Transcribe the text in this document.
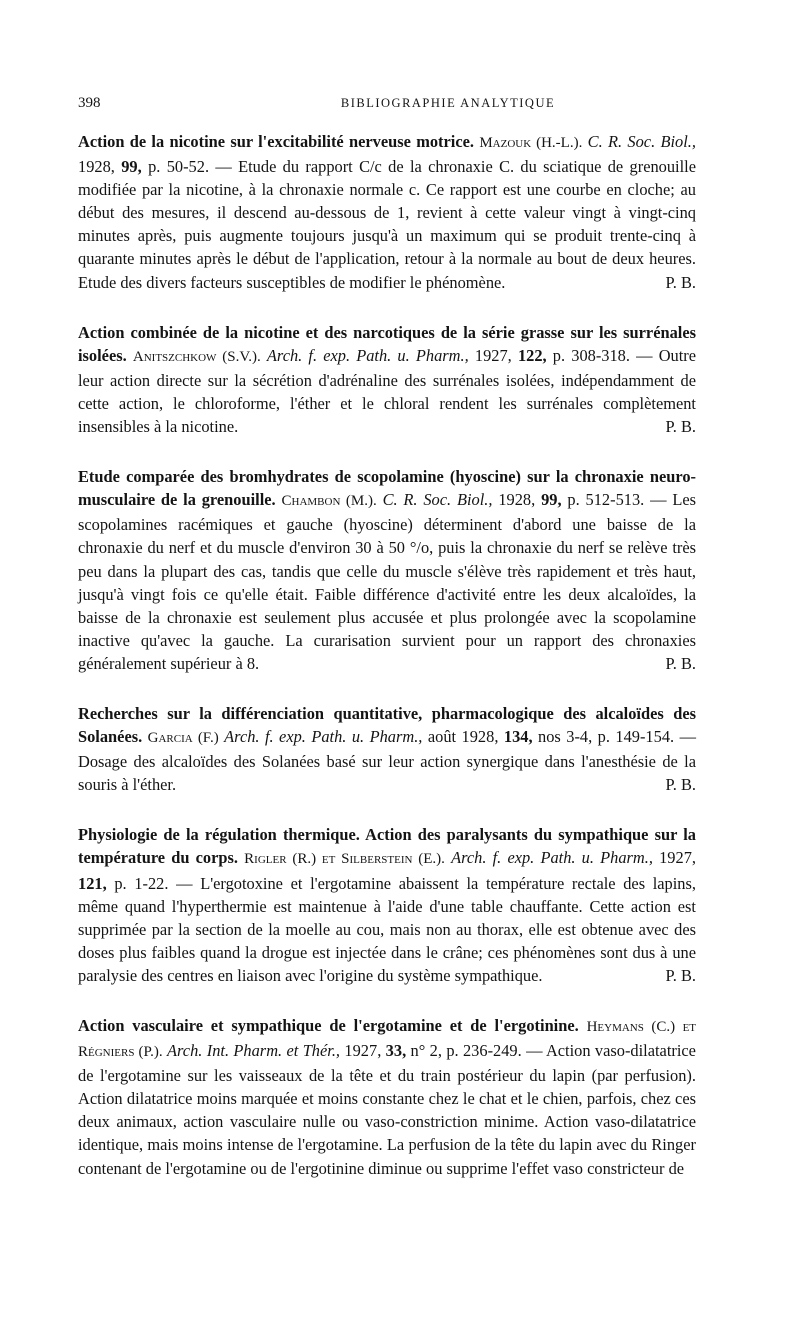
398	BIBLIOGRAPHIE ANALYTIQUE

Action de la nicotine sur l'excitabilité nerveuse motrice. Mazouk (H.-L.). C. R. Soc. Biol., 1928, 99, p. 50-52. — Etude du rapport C/c de la chronaxie C. du sciatique de grenouille modifiée par la nicotine, à la chronaxie normale c. Ce rapport est une courbe en cloche; au début des mesures, il descend au-dessous de 1, revient à cette valeur vingt à vingt-cinq minutes après, puis augmente toujours jusqu'à un maximum qui se produit trente-cinq à quarante minutes après le début de l'application, retour à la normale au bout de deux heures. Etude des divers facteurs susceptibles de modifier le phénomène.	P. B.

Action combinée de la nicotine et des narcotiques de la série grasse sur les surrénales isolées. Anitszchkow (S.V.). Arch. f. exp. Path. u. Pharm., 1927, 122, p. 308-318. — Outre leur action directe sur la sécrétion d'adrénaline des surrénales isolées, indépendamment de cette action, le chloroforme, l'éther et le chloral rendent les surrénales complètement insensibles à la nicotine.	P. B.

Etude comparée des bromhydrates de scopolamine (hyoscine) sur la chronaxie neuro-musculaire de la grenouille. Chambon (M.). C. R. Soc. Biol., 1928, 99, p. 512-513. — Les scopolamines racémiques et gauche (hyoscine) déterminent d'abord une baisse de la chronaxie du nerf et du muscle d'environ 30 à 50 °/o, puis la chronaxie du nerf se relève très peu dans la plupart des cas, tandis que celle du muscle s'élève très rapidement et très haut, jusqu'à vingt fois ce qu'elle était. Faible différence d'activité entre les deux alcaloïdes, la baisse de la chronaxie est seulement plus accusée et plus prolongée avec la scopolamine inactive qu'avec la gauche. La curarisation survient pour un rapport des chronaxies généralement supérieur à 8.	P. B.

Recherches sur la différenciation quantitative, pharmacologique des alcaloïdes des Solanées. Garcia (F.) Arch. f. exp. Path. u. Pharm., août 1928, 134, nos 3-4, p. 149-154. — Dosage des alcaloïdes des Solanées basé sur leur action synergique dans l'anesthésie de la souris à l'éther.	P. B.

Physiologie de la régulation thermique. Action des paralysants du sympathique sur la température du corps. Rigler (R.) et Silberstein (E.). Arch. f. exp. Path. u. Pharm., 1927, 121, p. 1-22. — L'ergotoxine et l'ergotamine abaissent la température rectale des lapins, même quand l'hyperthermie est maintenue à l'aide d'une table chauffante. Cette action est supprimée par la section de la moelle au cou, mais non au thorax, elle est obtenue avec des doses plus faibles quand la drogue est injectée dans le crâne; ces phénomènes sont dus à une paralysie des centres en liaison avec l'origine du système sympathique.	P. B.

Action vasculaire et sympathique de l'ergotamine et de l'ergotinine. Heymans (C.) et Régniers (P.). Arch. Int. Pharm. et Thér., 1927, 33, n° 2, p. 236-249. — Action vaso-dilatatrice de l'ergotamine sur les vaisseaux de la tête et du train postérieur du lapin (par perfusion). Action dilatatrice moins marquée et moins constante chez le chat et le chien, parfois, chez ces deux animaux, action vasculaire nulle ou vaso-constriction minime. Action vaso-dilatatrice identique, mais moins intense de l'ergotamine. La perfusion de la tête du lapin avec du Ringer contenant de l'ergotamine ou de l'ergotinine diminue ou supprime l'effet vaso constricteur de
